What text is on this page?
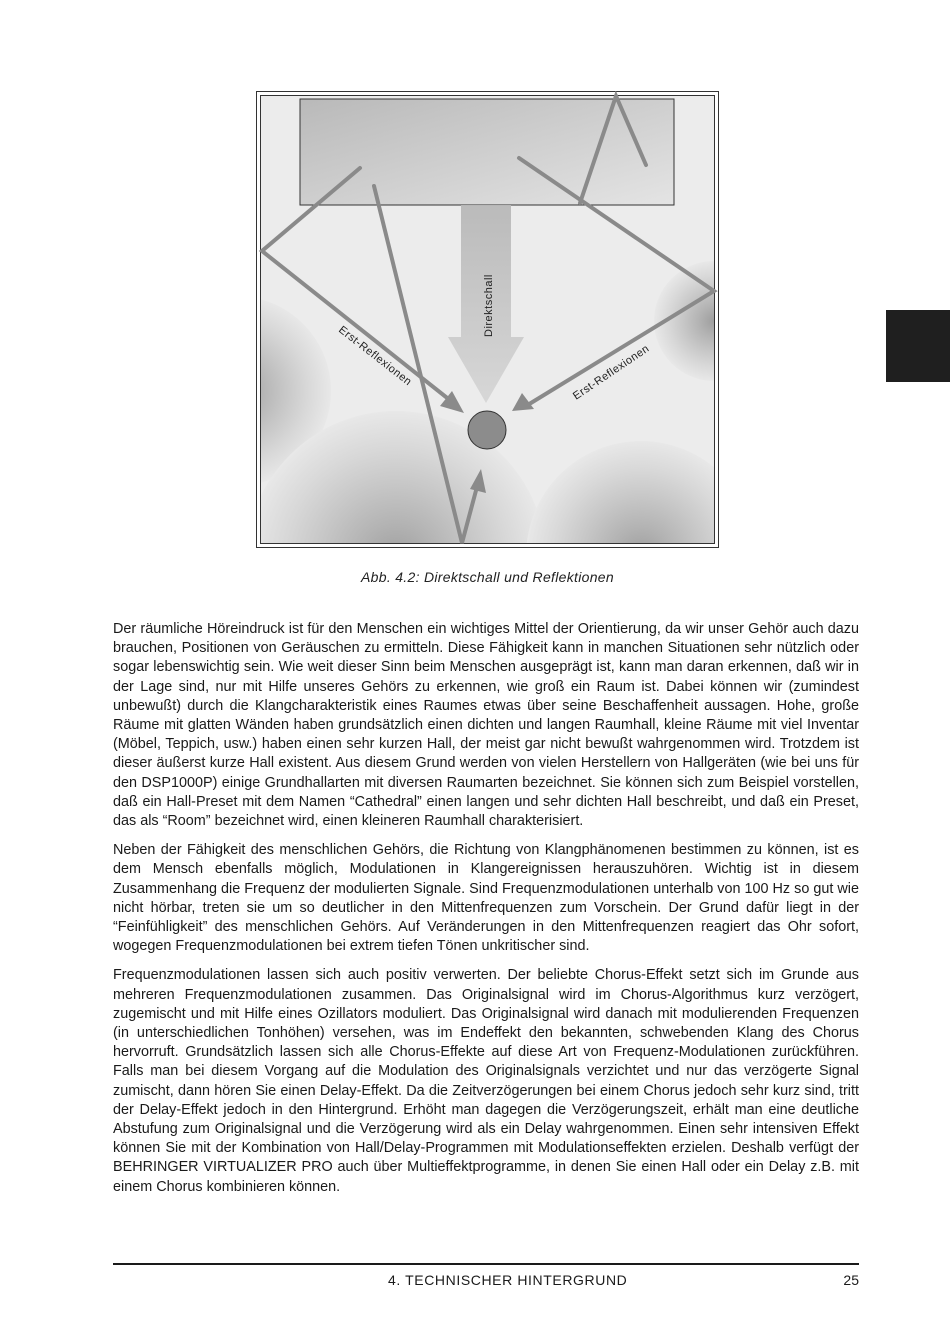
Direktschall
Erst-Reflexionen	Erst-Reflexionen
Abb. 4.2: Direktschall und Reflektionen

Der räumliche Höreindruck ist für den Menschen ein wichtiges Mittel der Orientierung, da wir unser Gehör auch dazu brauchen, Positionen von Geräuschen zu ermitteln. Diese Fähigkeit kann in manchen Situationen sehr nützlich oder sogar lebenswichtig sein. Wie weit dieser Sinn beim Menschen ausgeprägt ist, kann man daran erkennen, daß wir in der Lage sind, nur mit Hilfe unseres Gehörs zu erkennen, wie groß ein Raum ist. Dabei können wir (zumindest unbewußt) durch die Klangcharakteristik eines Raumes etwas über seine Beschaffenheit aussagen. Hohe, große Räume mit glatten Wänden haben grundsätzlich einen dichten und langen Raumhall, kleine Räume mit viel Inventar (Möbel, Teppich, usw.) haben einen sehr kurzen Hall, der meist gar nicht bewußt wahrgenommen wird. Trotzdem ist dieser äußerst kurze Hall existent. Aus diesem Grund werden von vielen Herstellern von Hallgeräten (wie bei uns für den DSP1000P) einige Grundhallarten mit diversen Raumarten bezeichnet. Sie können sich zum Beispiel vorstellen, daß ein Hall-Preset mit dem Namen “Cathedral” einen langen und sehr dichten Hall beschreibt, und daß ein Preset, das als “Room” bezeichnet wird, einen kleineren Raumhall charakterisiert.

Neben der Fähigkeit des menschlichen Gehörs, die Richtung von Klangphänomenen bestimmen zu können, ist es dem Mensch ebenfalls möglich, Modulationen in Klangereignissen herauszuhören. Wichtig ist in diesem Zusammenhang die Frequenz der modulierten Signale. Sind Frequenzmodulationen unterhalb von 100 Hz so gut wie nicht hörbar, treten sie um so deutlicher in den Mittenfrequenzen zum Vorschein. Der Grund dafür liegt in der “Feinfühligkeit” des menschlichen Gehörs. Auf Veränderungen in den Mittenfrequenzen reagiert das Ohr sofort, wogegen Frequenzmodulationen bei extrem tiefen Tönen unkritischer sind.

Frequenzmodulationen lassen sich auch positiv verwerten. Der beliebte Chorus-Effekt setzt sich im Grunde aus mehreren Frequenzmodulationen zusammen. Das Originalsignal wird im Chorus-Algorithmus kurz verzögert, zugemischt und mit Hilfe eines Ozillators moduliert. Das Originalsignal wird danach mit modulierenden Frequenzen (in unterschiedlichen Tonhöhen) versehen, was im Endeffekt den bekannten, schwebenden Klang des Chorus hervorruft. Grundsätzlich lassen sich alle Chorus-Effekte auf diese Art von Frequenz-Modulationen zurückführen. Falls man bei diesem Vorgang auf die Modulation des Originalsignals verzichtet und nur das verzögerte Signal zumischt, dann hören Sie einen Delay-Effekt. Da die Zeitverzögerungen bei einem Chorus jedoch sehr kurz sind, tritt der Delay-Effekt jedoch in den Hintergrund. Erhöht man dagegen die Verzögerungszeit, erhält man eine deutliche Abstufung zum Originalsignal und die Verzögerung wird als ein Delay wahrgenommen. Einen sehr intensiven Effekt können Sie mit der Kombination von Hall/Delay-Programmen mit Modulationseffekten erzielen. Deshalb verfügt der BEHRINGER VIRTUALIZER PRO auch über Multieffektprogramme, in denen Sie einen Hall oder ein Delay z.B. mit einem Chorus kombinieren können.

4. TECHNISCHER HINTERGRUND	25
